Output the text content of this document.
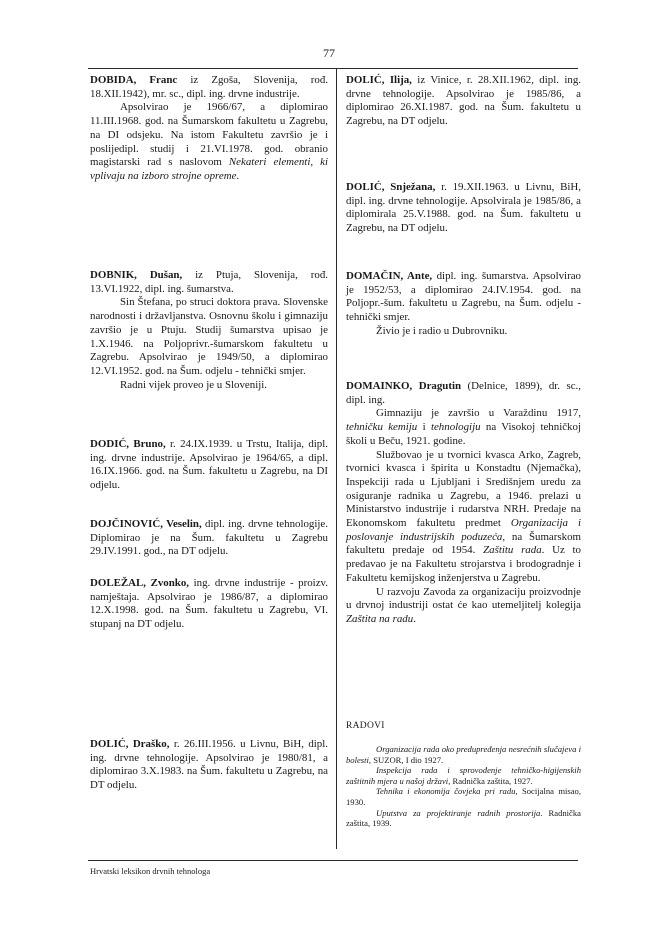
77

DOBIDA, Franc iz Zgoša, Slovenija, rođ. 18.XII.1942), mr. sc., dipl. ing. drvne industrije.

Apsolvirao je 1966/67, a diplomirao 11.III.1968. god. na Šumarskom fakultetu u Zagrebu, na DI odsjeku. Na istom Fakultetu završio je i poslijedipl. studij i 21.VI.1978. god. obranio magistarski rad s naslovom Nekateri elementi, ki vplivaju na izboro strojne opreme.

DOBNIK, Dušan, iz Ptuja, Slovenija, rođ. 13.VI.1922, dipl. ing. šumarstva.

Sin Štefana, po struci doktora prava. Slovenske narodnosti i državljanstva. Osnovnu školu i gimnaziju završio je u Ptuju. Studij šumarstva upisao je 1.X.1946. na Poljoprivr.-šumarskom fakultetu u Zagrebu. Apsolvirao je 1949/50, a diplomirao 12.VI.1952. god. na Šum. odjelu - tehnički smjer.

Radni vijek proveo je u Sloveniji.

DODIĆ, Bruno, r. 24.IX.1939. u Trstu, Italija, dipl. ing. drvne industrije. Apsolvirao je 1964/65, a dipl. 16.IX.1966. god. na Šum. fakultetu u Zagrebu, na DI odjelu.

DOJČINOVIĆ, Veselin, dipl. ing. drvne tehnologije. Diplomirao je na Šum. fakultetu u Zagrebu 29.IV.1991. god., na DT odjelu.

DOLEŽAL, Zvonko, ing. drvne industrije - proizv. namještaja. Apsolvirao je 1986/87, a diplomirao 12.X.1998. god. na Šum. fakultetu u Zagrebu, VI. stupanj na DT odjelu.

DOLIĆ, Draško, r. 26.III.1956. u Livnu, BiH, dipl. ing. drvne tehnologije. Apsolvirao je 1980/81, a diplomirao 3.X.1983. na Šum. fakultetu u Zagrebu, na DT odjelu.

DOLIĆ, Ilija, iz Vinice, r. 28.XII.1962, dipl. ing. drvne tehnologije. Apsolvirao je 1985/86, a diplomirao 26.XI.1987. god. na Šum. fakultetu u Zagrebu, na DT odjelu.

DOLIĆ, Snježana, r. 19.XII.1963. u Livnu, BiH, dipl. ing. drvne tehnologije. Apsolvirala je 1985/86, a diplomirala 25.V.1988. god. na Šum. fakultetu u Zagrebu, na DT odjelu.

DOMAČIN, Ante, dipl. ing. šumarstva. Apsolvirao je 1952/53, a diplomirao 24.IV.1954. god. na Poljopr.-šum. fakultetu u Zagrebu, na Šum. odjelu - tehnički smjer.

Živio je i radio u Dubrovniku.

DOMAINKO, Dragutin (Delnice, 1899), dr. sc., dipl. ing.

Gimnaziju je završio u Varaždinu 1917, tehničku kemiju i tehnologiju na Visokoj tehničkoj školi u Beču, 1921. godine.

Službovao je u tvornici kvasca Arko, Zagreb, tvornici kvasca i špirita u Konstadtu (Njemačka), Inspekciji rada u Ljubljani i Središnjem uredu za osiguranje radnika u Zagrebu, a 1946. prelazi u Ministarstvo industrije i rudarstva NRH. Predaje na Ekonomskom fakultetu predmet Organizacija i poslovanje industrijskih poduzeća, na Šumarskom fakultetu predaje od 1954. Zaštitu rada. Uz to predavao je na Fakultetu strojarstva i brodogradnje i Fakultetu kemijskog inženjerstva u Zagrebu.

U razvoju Zavoda za organizaciju proizvodnje u drvnoj industriji ostat će kao utemeljitelj kolegija Zaštita na radu.

RADOVI

Organizacija rada oko predupređenja nesrećnih slučajeva i bolesti, SUZOR, I dio 1927.

Inspekcija rada i sprovođenje tehničko-higijenskih zaštitnih mjera u našoj državi, Radnička zaštita, 1927.

Tehnika i ekonomija čovjeka pri radu, Socijalna misao, 1930.

Uputstva za projektiranje radnih prostorija. Radnička zaštita, 1939.

Hrvatski leksikon drvnih tehnologa
